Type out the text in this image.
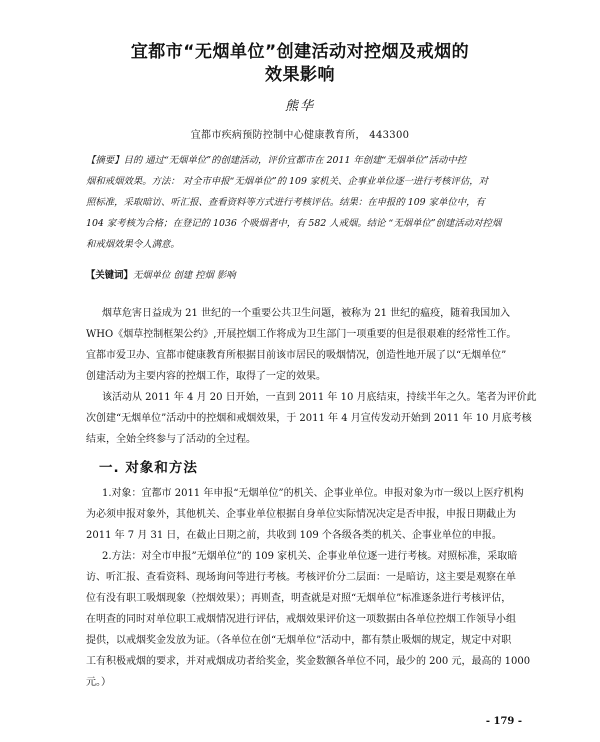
宜都市“无烟单位”创建活动对控烟及戒烟的
效果影响
熊华
宜都市疾病预防控制中心健康教育所， 443300
【摘要】目的 通过“无烟单位”的创建活动，评价宜都市在 2011 年创建“无烟单位”活动中控
烟和戒烟效果。方法： 对全市申报“无烟单位”的 109 家机关、企事业单位逐一进行考核评估，对
照标准，采取暗访、听汇报、查看资料等方式进行考核评估。结果：在申报的 109 家单位中，有
104 家考核为合格；在登记的 1036 个吸烟者中，有 582 人戒烟。结论 “无烟单位”创建活动对控烟
和戒烟效果令人满意。
【关键词】无烟单位 创建 控烟 影响
烟草危害日益成为 21 世纪的一个重要公共卫生问题，被称为 21 世纪的瘟疫，随着我国加入
WHO《烟草控制框架公约》,开展控烟工作将成为卫生部门一项重要的但是很艰难的经常性工作。
宜都市爱卫办、宜都市健康教育所根据目前该市居民的吸烟情况，创造性地开展了以“无烟单位”
创建活动为主要内容的控烟工作，取得了一定的效果。
该活动从 2011 年 4 月 20 日开始，一直到 2011 年 10 月底结束，持续半年之久。笔者为评价此
次创建“无烟单位”活动中的控烟和戒烟效果，于 2011 年 4 月宣传发动开始到 2011 年 10 月底考核
结束，全始全终参与了活动的全过程。
一. 对象和方法
1.对象：宜都市 2011 年申报“无烟单位”的机关、企事业单位。申报对象为市一级以上医疗机构
为必须申报对象外，其他机关、企事业单位根据自身单位实际情况决定是否申报，申报日期截止为
2011 年 7 月 31 日，在截止日期之前，共收到 109 个各级各类的机关、企事业单位的申报。
2.方法：对全市申报”无烟单位”的 109 家机关、企事业单位逐一进行考核。对照标准，采取暗
访、听汇报、查看资料、现场询问等进行考核。考核评价分二层面：一是暗访，这主要是观察在单
位有没有职工吸烟现象（控烟效果）；再则查，明查就是对照“无烟单位”标准逐条进行考核评估，
在明查的同时对单位职工戒烟情况进行评估，戒烟效果评价这一项数据由各单位控烟工作领导小组
提供，以戒烟奖金发放为证。（各单位在创“无烟单位”活动中，都有禁止吸烟的规定，规定中对职
工有积极戒烟的要求，并对戒烟成功者给奖金，奖金数额各单位不同，最少的 200 元，最高的 1000
元。）
- 179 -
